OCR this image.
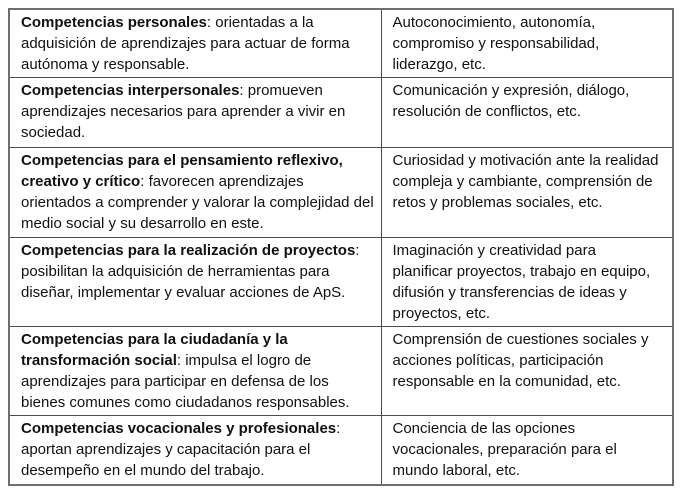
Competencias personales: orientadas a la adquisición de aprendizajes para actuar de forma autónoma y responsable.	Autoconocimiento, autonomía, compromiso y responsabilidad, liderazgo, etc.
Competencias interpersonales: promueven aprendizajes necesarios para aprender a vivir en sociedad.	Comunicación y expresión, diálogo, resolución de conflictos, etc.
Competencias para el pensamiento reflexivo, creativo y crítico: favorecen aprendizajes orientados a comprender y valorar la complejidad del medio social y su desarrollo en este.	Curiosidad y motivación ante la realidad compleja y cambiante, comprensión de retos y problemas sociales, etc.
Competencias para la realización de proyectos: posibilitan la adquisición de herramientas para diseñar, implementar y evaluar acciones de ApS.	Imaginación y creatividad para planificar proyectos, trabajo en equipo, difusión y transferencias de ideas y proyectos, etc.
Competencias para la ciudadanía y la transformación social: impulsa el logro de aprendizajes para participar en defensa de los bienes comunes como ciudadanos responsables.	Comprensión de cuestiones sociales y acciones políticas, participación responsable en la comunidad, etc.
Competencias vocacionales y profesionales: aportan aprendizajes y capacitación para el desempeño en el mundo del trabajo.	Conciencia de las opciones vocacionales, preparación para el mundo laboral, etc.
